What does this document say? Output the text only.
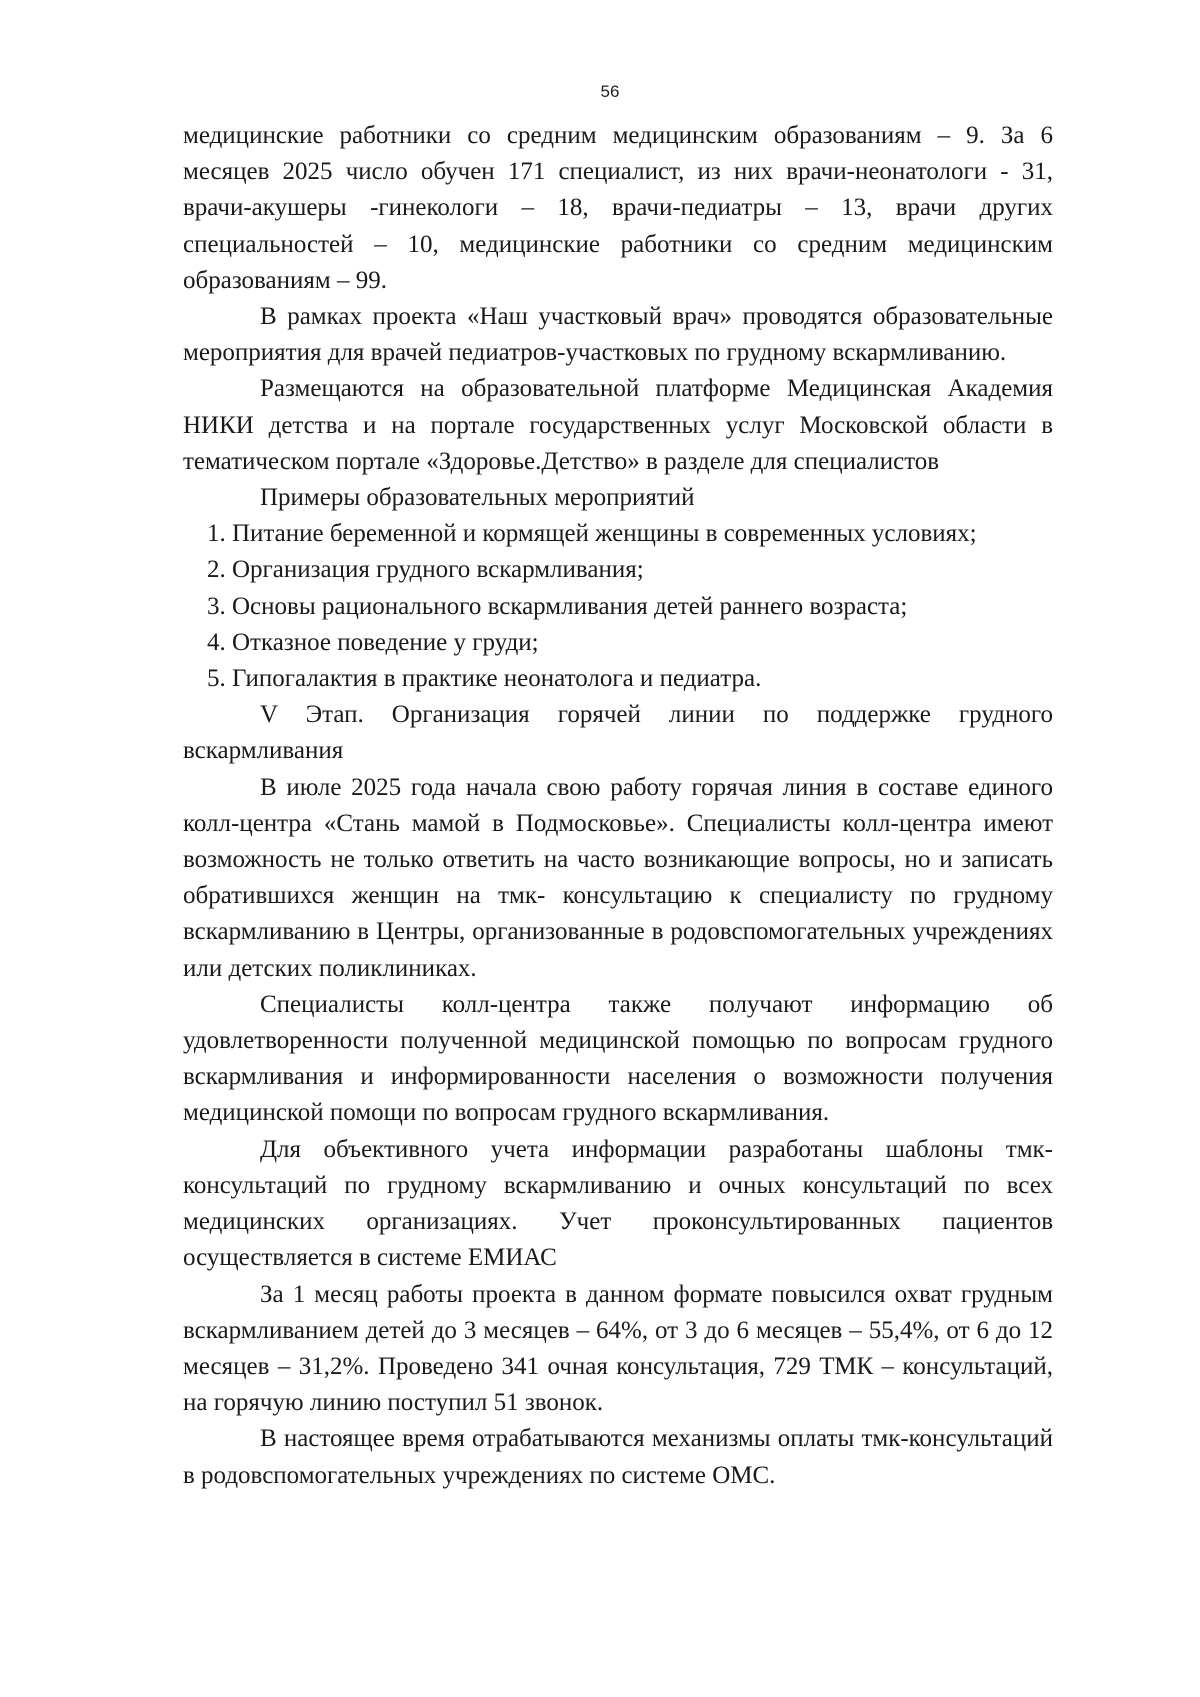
56

медицинские работники со средним медицинским образованиям – 9. За 6 месяцев 2025 число обучен 171 специалист, из них врачи-неонатологи - 31, врачи-акушеры -гинекологи – 18, врачи-педиатры – 13, врачи других специальностей – 10, медицинские работники со средним медицинским образованиям – 99.

В рамках проекта «Наш участковый врач» проводятся образовательные мероприятия для врачей педиатров-участковых по грудному вскармливанию.

Размещаются на образовательной платформе Медицинская Академия НИКИ детства и на портале государственных услуг Московской области в тематическом портале «Здоровье.Детство» в разделе для специалистов

Примеры образовательных мероприятий

1. Питание беременной и кормящей женщины в современных условиях;
2. Организация грудного вскармливания;
3. Основы рационального вскармливания детей раннего возраста;
4. Отказное поведение у груди;
5. Гипогалактия в практике неонатолога и педиатра.

V Этап. Организация горячей линии по поддержке грудного вскармливания

В июле 2025 года начала свою работу горячая линия в составе единого колл-центра «Стань мамой в Подмосковье». Специалисты колл-центра имеют возможность не только ответить на часто возникающие вопросы, но и записать обратившихся женщин на тмк- консультацию к специалисту по грудному вскармливанию в Центры, организованные в родовспомогательных учреждениях или детских поликлиниках.

Специалисты колл-центра также получают информацию об удовлетворенности полученной медицинской помощью по вопросам грудного вскармливания и информированности населения о возможности получения медицинской помощи по вопросам грудного вскармливания.

Для объективного учета информации разработаны шаблоны тмк-консультаций по грудному вскармливанию и очных консультаций по всех медицинских организациях. Учет проконсультированных пациентов осуществляется в системе ЕМИАС

За 1 месяц работы проекта в данном формате повысился охват грудным вскармливанием детей до 3 месяцев – 64%, от 3 до 6 месяцев – 55,4%, от 6 до 12 месяцев – 31,2%. Проведено 341 очная консультация, 729 ТМК – консультаций, на горячую линию поступил 51 звонок.

В настоящее время отрабатываются механизмы оплаты тмк-консультаций в родовспомогательных учреждениях по системе ОМС.
